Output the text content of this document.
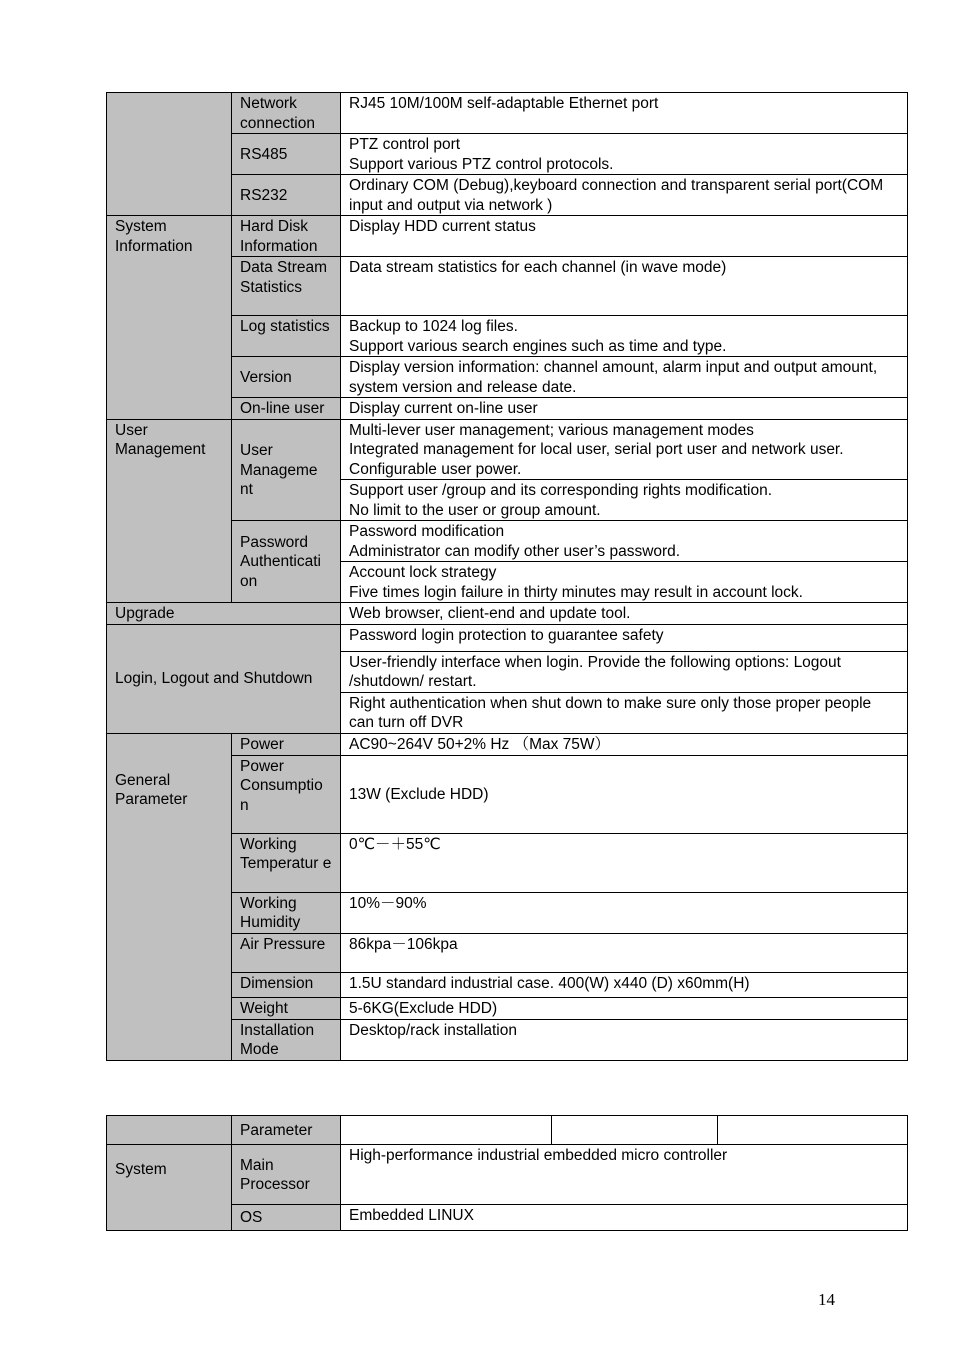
	Network connection	RJ45 10M/100M self-adaptable Ethernet port
	RS485	PTZ control port
Support various PTZ control protocols.

	RS232	Ordinary COM (Debug),keyboard connection and transparent serial port(COM input and output via network )
System Information	Hard Disk Information	Display HDD current status
	Data Stream Statistics	Data stream statistics for each channel (in wave mode)
	Log statistics	Backup to 1024 log files.
Support various search engines such as time and type.

	Version	Display version information: channel amount, alarm input and output amount, system version and release date.
	On-line user	Display current on-line user
User Management	User Manageme nt	Multi-lever user management; various management modes
Integrated management for local user, serial port user and network user. Configurable user power.

		Support user /group and its corresponding rights modification.
No limit to the user or group amount.

	Password Authenticati on	Password modification
Administrator can modify other user’s password.

		Account lock strategy
Five times login failure in thirty minutes may result in account lock.

Upgrade		Web browser, client-end and update tool.
Login, Logout and Shutdown		Password login protection to guarantee safety
		User-friendly interface when login. Provide the following options: Logout /shutdown/ restart.
		Right authentication when shut down to make sure only those proper people can turn off DVR

General Parameter	Power	AC90~264V 50+2% Hz （Max 75W）
	Power Consumptio n	13W (Exclude HDD)
	Working Temperatur e	0℃－＋55℃
	Working Humidity	10%－90%
	Air Pressure	86kpa－106kpa
	Dimension	1.5U standard industrial case. 400(W) x440 (D) x60mm(H)
	Weight	5-6KG(Exclude HDD)
	Installation Mode	Desktop/rack installation
	Parameter			

System	Main Processor	High-performance industrial embedded micro controller		
	OS	Embedded LINUX		
14
